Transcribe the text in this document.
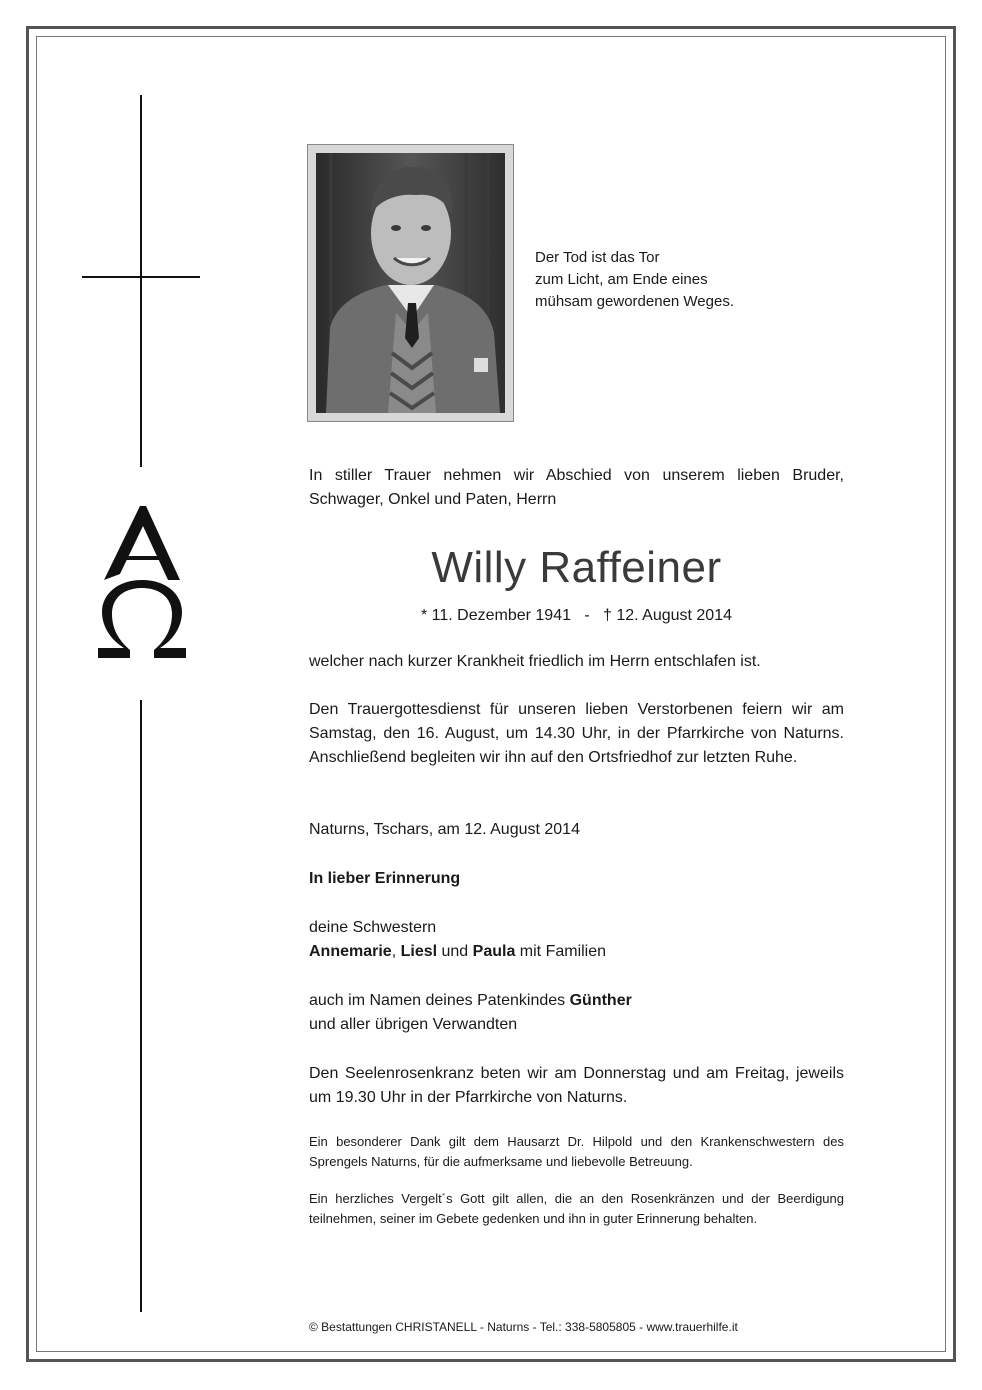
Der Tod ist das Tor
zum Licht, am Ende eines
mühsam gewordenen Weges.
In stiller Trauer nehmen wir Abschied von unserem lieben Bruder, Schwager, Onkel und Paten, Herrn
Willy Raffeiner
* 11. Dezember 1941   -   † 12. August 2014
welcher nach kurzer Krankheit friedlich im Herrn entschlafen ist.
Den Trauergottesdienst für unseren lieben Verstorbenen feiern wir am Samstag, den 16. August, um 14.30 Uhr, in der Pfarrkirche von Naturns. Anschließend begleiten wir ihn auf den Ortsfriedhof zur letzten Ruhe.
Naturns, Tschars, am 12. August 2014
In lieber Erinnerung
deine Schwestern
Annemarie, Liesl und Paula mit Familien
auch im Namen deines Patenkindes Günther
und aller übrigen Verwandten
Den Seelenrosenkranz beten wir am Donnerstag und am Freitag, jeweils um 19.30 Uhr in der Pfarrkirche von Naturns.
Ein besonderer Dank gilt dem Hausarzt Dr. Hilpold und den Krankenschwestern des Sprengels Naturns, für die aufmerksame und liebevolle Betreuung.
Ein herzliches Vergelt´s Gott gilt allen, die an den Rosenkränzen und der Beerdigung teilnehmen, seiner im Gebete gedenken und ihn in guter Erinnerung behalten.
© Bestattungen CHRISTANELL - Naturns - Tel.: 338-5805805 - www.trauerhilfe.it
